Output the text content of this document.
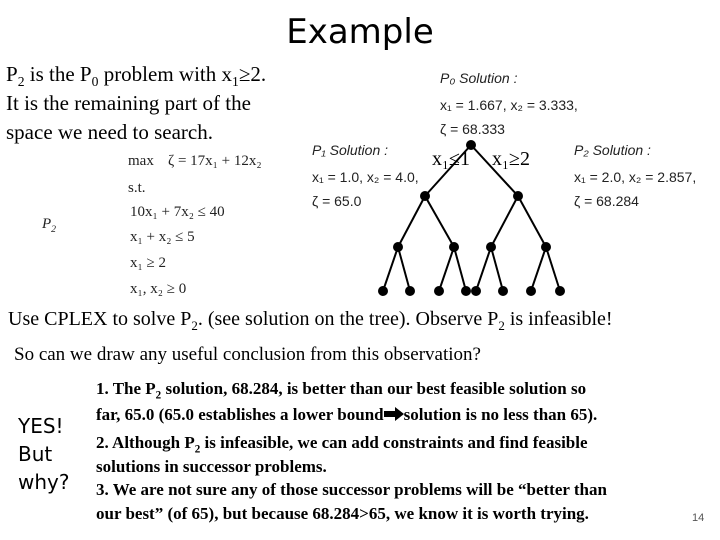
Example
$P_2$ is the $P_0$ problem with $x_1\ge 2$.
It is the remaining part of the
space we need to search.
$P_2$
max ζ = 17x₁ + 12x₂
s.t.
10x₁ + 7x₂ ≤ 40
x₁ + x₂ ≤ 5
x₁ ≥ 2
x₁, x₂ ≥ 0
P₀ Solution :
x₁ = 1.667, x₂ = 3.333,
ζ = 68.333
P₁ Solution :
x₁ = 1.0, x₂ = 4.0,
ζ = 65.0
P₂ Solution :
x₁ = 2.0, x₂ = 2.857,
ζ = 68.284
x₁≤1 x₁≥2
Use CPLEX to solve $P_2$. (see solution on the tree). Observe $P_2$ is infeasible!
So can we draw any useful conclusion from this observation?
YES!
But
why?
1. The $P_2$ solution, 68.284, is better than our best feasible solution so
far, 65.0 (65.0 establishes a lower bound solution is no less than 65).
2. Although $P_2$ is infeasible, we can add constraints and find feasible
solutions in successor problems.
3. We are not sure any of those successor problems will be “better than
our best” (of 65), but because 68.284>65, we know it is worth trying.	14
